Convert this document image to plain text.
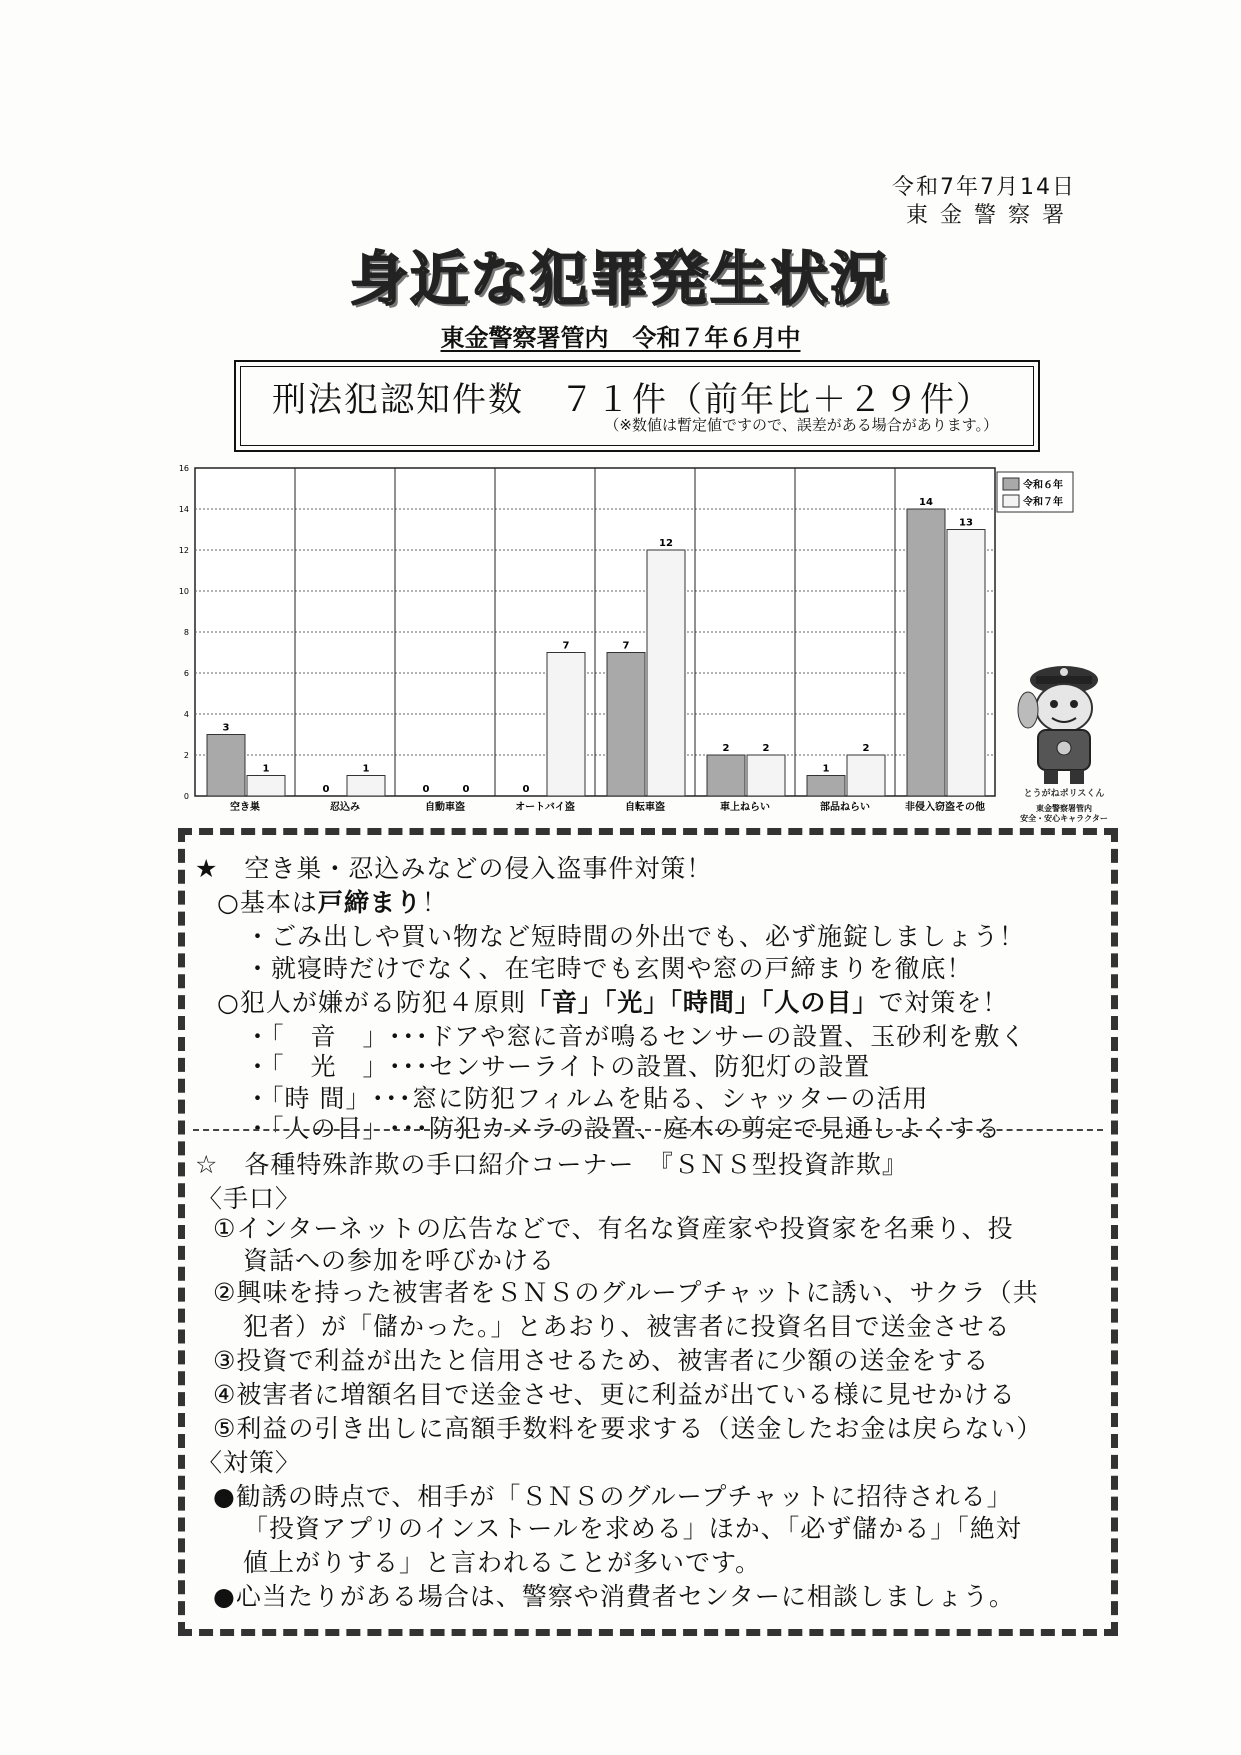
令和7年7月14日
東金警察署
身近な犯罪発生状況
東金警察署管内　令和７年６月中
刑法犯認知件数　７１件（前年比＋２９件）
（※数値は暫定値ですので、誤差がある場合があります。）
0
2
4
6
8
10
12
14
16
3
1
空き巣
0
1
忍込み
0	0
自動車盗
0
7
オートバイ盗
7
12
自転車盗
2	2
車上ねらい
1
2
部品ねらい
14
13
非侵入窃盗その他
令和６年
令和７年
とうがねポリスくん
東金警察署管内
安全・安心キャラクター
★　空き巣・忍込みなどの侵入盗事件対策！
○基本は戸締まり！
・ごみ出しや買い物など短時間の外出でも、必ず施錠しましょう！
・就寝時だけでなく、在宅時でも玄関や窓の戸締まりを徹底！
○犯人が嫌がる防犯４原則「音」「光」「時間」「人の目」で対策を！
・「　音　」･･･ドアや窓に音が鳴るセンサーの設置、玉砂利を敷く
・「　光　」･･･センサーライトの設置、防犯灯の設置
・「時 間」･･･窓に防犯フィルムを貼る、シャッターの活用
・「人の目」･･･防犯カメラの設置、庭木の剪定で見通しよくする
☆　各種特殊詐欺の手口紹介コーナー　『ＳＮＳ型投資詐欺』
〈手口〉
①インターネットの広告などで、有名な資産家や投資家を名乗り、投
資話への参加を呼びかける
②興味を持った被害者をＳＮＳのグループチャットに誘い、サクラ（共
犯者）が「儲かった。」とあおり、被害者に投資名目で送金させる
③投資で利益が出たと信用させるため、被害者に少額の送金をする
④被害者に増額名目で送金させ、更に利益が出ている様に見せかける
⑤利益の引き出しに高額手数料を要求する（送金したお金は戻らない）
〈対策〉
●勧誘の時点で、相手が「ＳＮＳのグループチャットに招待される」
「投資アプリのインストールを求める」ほか、「必ず儲かる」「絶対
値上がりする」と言われることが多いです。
●心当たりがある場合は、警察や消費者センターに相談しましょう。
